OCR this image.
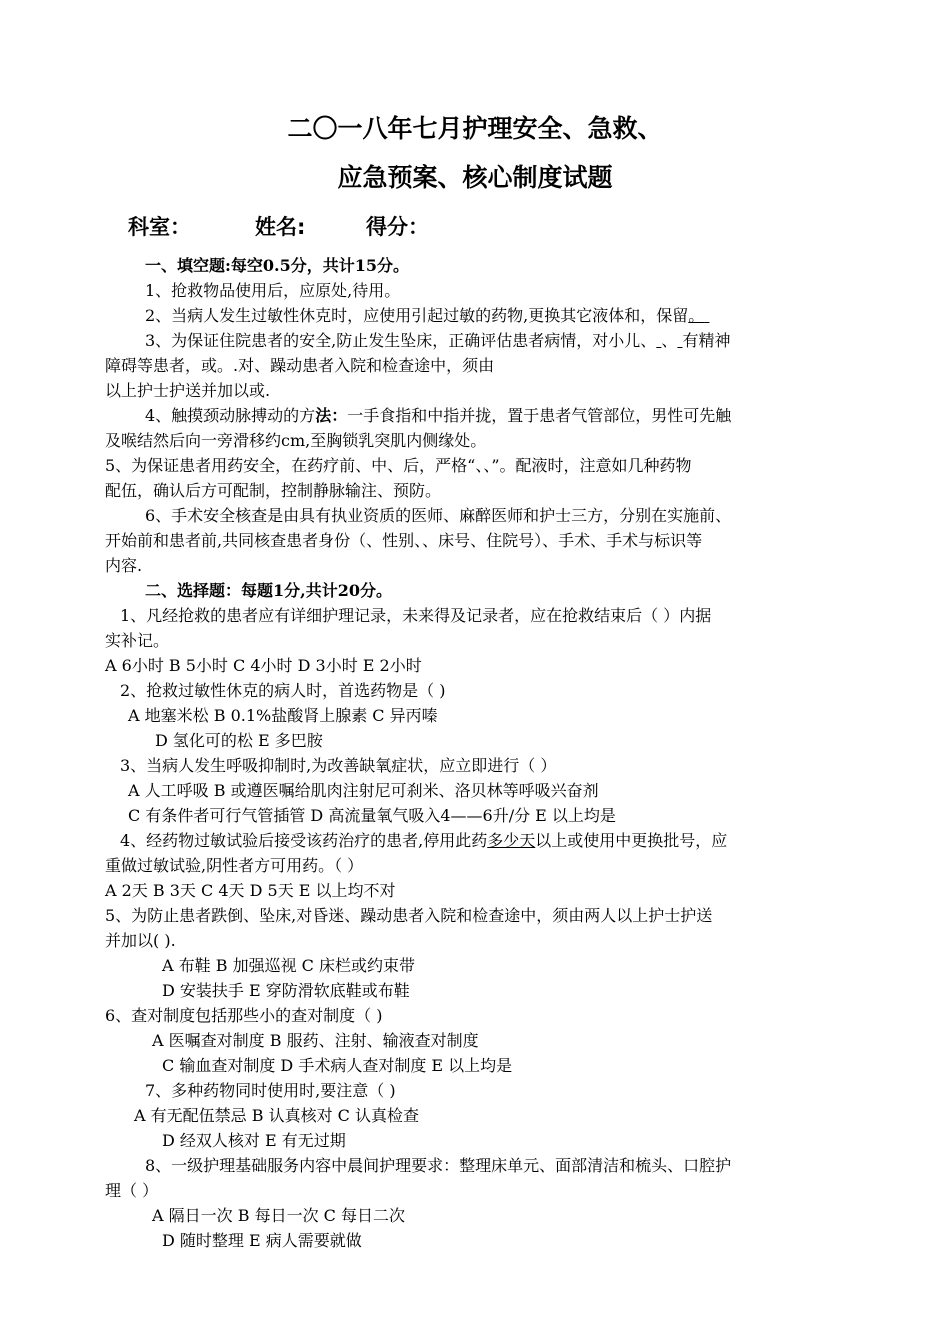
二〇一八年七月护理安全、急救、
应急预案、核心制度试题
科室：	姓名:	得分：
一、填空题:每空0.5分，共计15分。
1、抢救物品使用后，应原处,待用。
2、当病人发生过敏性休克时，应使用引起过敏的药物,更换其它液体和，保留。
3、为保证住院患者的安全,防止发生坠床，正确评估患者病情，对小儿、 、 有精神
障碍等患者，或。.对、躁动患者入院和检查途中，须由
以上护士护送并加以或.
4、触摸颈动脉搏动的方法：一手食指和中指并拢，置于患者气管部位，男性可先触
及喉结然后向一旁滑移约cm,至胸锁乳突肌内侧缘处。
5、为保证患者用药安全，在药疗前、中、后，严格“、、”。配液时，注意如几种药物
配伍，确认后方可配制，控制静脉输注、预防。
6、手术安全核查是由具有执业资质的医师、麻醉医师和护士三方，分别在实施前、
开始前和患者前,共同核查患者身份（、性别、、床号、住院号）、手术、手术与标识等
内容.
二、选择题：每题1分,共计20分。
1、凡经抢救的患者应有详细护理记录，未来得及记录者，应在抢救结束后（ ）内据
实补记。
A 6小时 B 5小时 C 4小时 D 3小时 E 2小时
2、抢救过敏性休克的病人时，首选药物是（ )
A 地塞米松 B 0.1%盐酸肾上腺素 C 异丙嗪
D 氢化可的松 E 多巴胺
3、当病人发生呼吸抑制时,为改善缺氧症状，应立即进行（ ）
A 人工呼吸 B 或遵医嘱给肌肉注射尼可刹米、洛贝林等呼吸兴奋剂
C 有条件者可行气管插管 D 高流量氧气吸入4——6升/分 E 以上均是
4、经药物过敏试验后接受该药治疗的患者,停用此药多少天以上或使用中更换批号，应
重做过敏试验,阴性者方可用药。（ ）
A 2天 B 3天 C 4天 D 5天 E 以上均不对
5、为防止患者跌倒、坠床,对昏迷、躁动患者入院和检查途中，须由两人以上护士护送
并加以( ).
A 布鞋 B 加强巡视 C 床栏或约束带
D 安装扶手 E 穿防滑软底鞋或布鞋
6、查对制度包括那些小的查对制度（ )
A 医嘱查对制度 B 服药、注射、输液查对制度
C 输血查对制度 D 手术病人查对制度 E 以上均是
7、多种药物同时使用时,要注意（ )
A 有无配伍禁忌 B 认真核对 C 认真检查
D 经双人核对 E 有无过期
8、一级护理基础服务内容中晨间护理要求：整理床单元、面部清洁和梳头、口腔护
理（ ）
A 隔日一次 B 每日一次 C 每日二次
D 随时整理 E 病人需要就做
